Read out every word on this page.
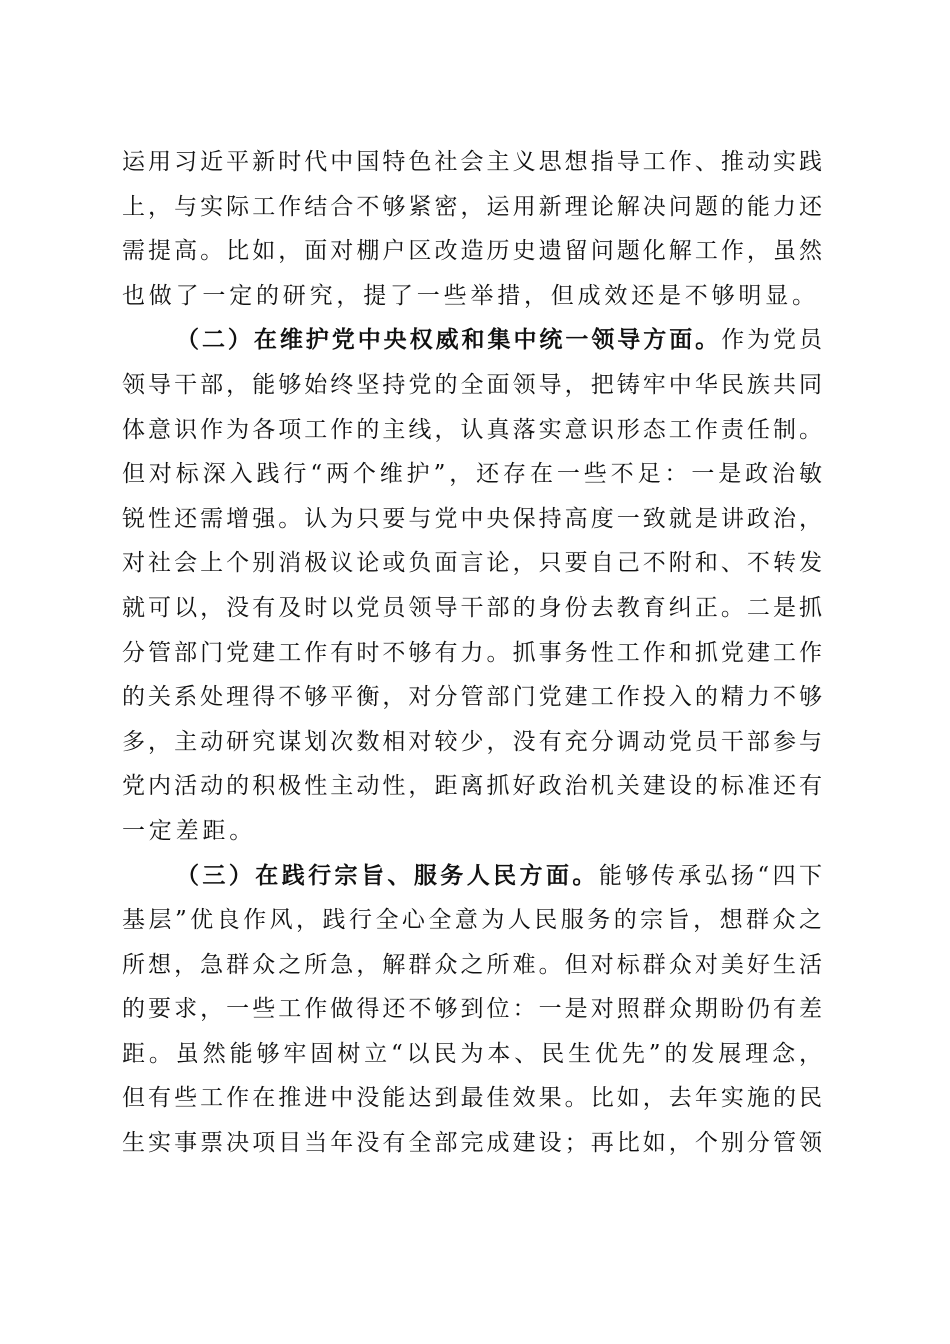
运用习近平新时代中国特色社会主义思想指导工作、推动实践
上，与实际工作结合不够紧密，运用新理论解决问题的能力还
需提高。比如，面对棚户区改造历史遗留问题化解工作，虽然
也做了一定的研究，提了一些举措，但成效还是不够明显。
（二）在维护党中央权威和集中统一领导方面。作为党员
领导干部，能够始终坚持党的全面领导，把铸牢中华民族共同
体意识作为各项工作的主线，认真落实意识形态工作责任制。
但对标深入践行“两个维护”，还存在一些不足：一是政治敏
锐性还需增强。认为只要与党中央保持高度一致就是讲政治，
对社会上个别消极议论或负面言论，只要自己不附和、不转发
就可以，没有及时以党员领导干部的身份去教育纠正。二是抓
分管部门党建工作有时不够有力。抓事务性工作和抓党建工作
的关系处理得不够平衡，对分管部门党建工作投入的精力不够
多，主动研究谋划次数相对较少，没有充分调动党员干部参与
党内活动的积极性主动性，距离抓好政治机关建设的标准还有
一定差距。
（三）在践行宗旨、服务人民方面。能够传承弘扬“四下
基层”优良作风，践行全心全意为人民服务的宗旨，想群众之
所想，急群众之所急，解群众之所难。但对标群众对美好生活
的要求，一些工作做得还不够到位：一是对照群众期盼仍有差
距。虽然能够牢固树立“以民为本、民生优先”的发展理念，
但有些工作在推进中没能达到最佳效果。比如，去年实施的民
生实事票决项目当年没有全部完成建设；再比如，个别分管领
